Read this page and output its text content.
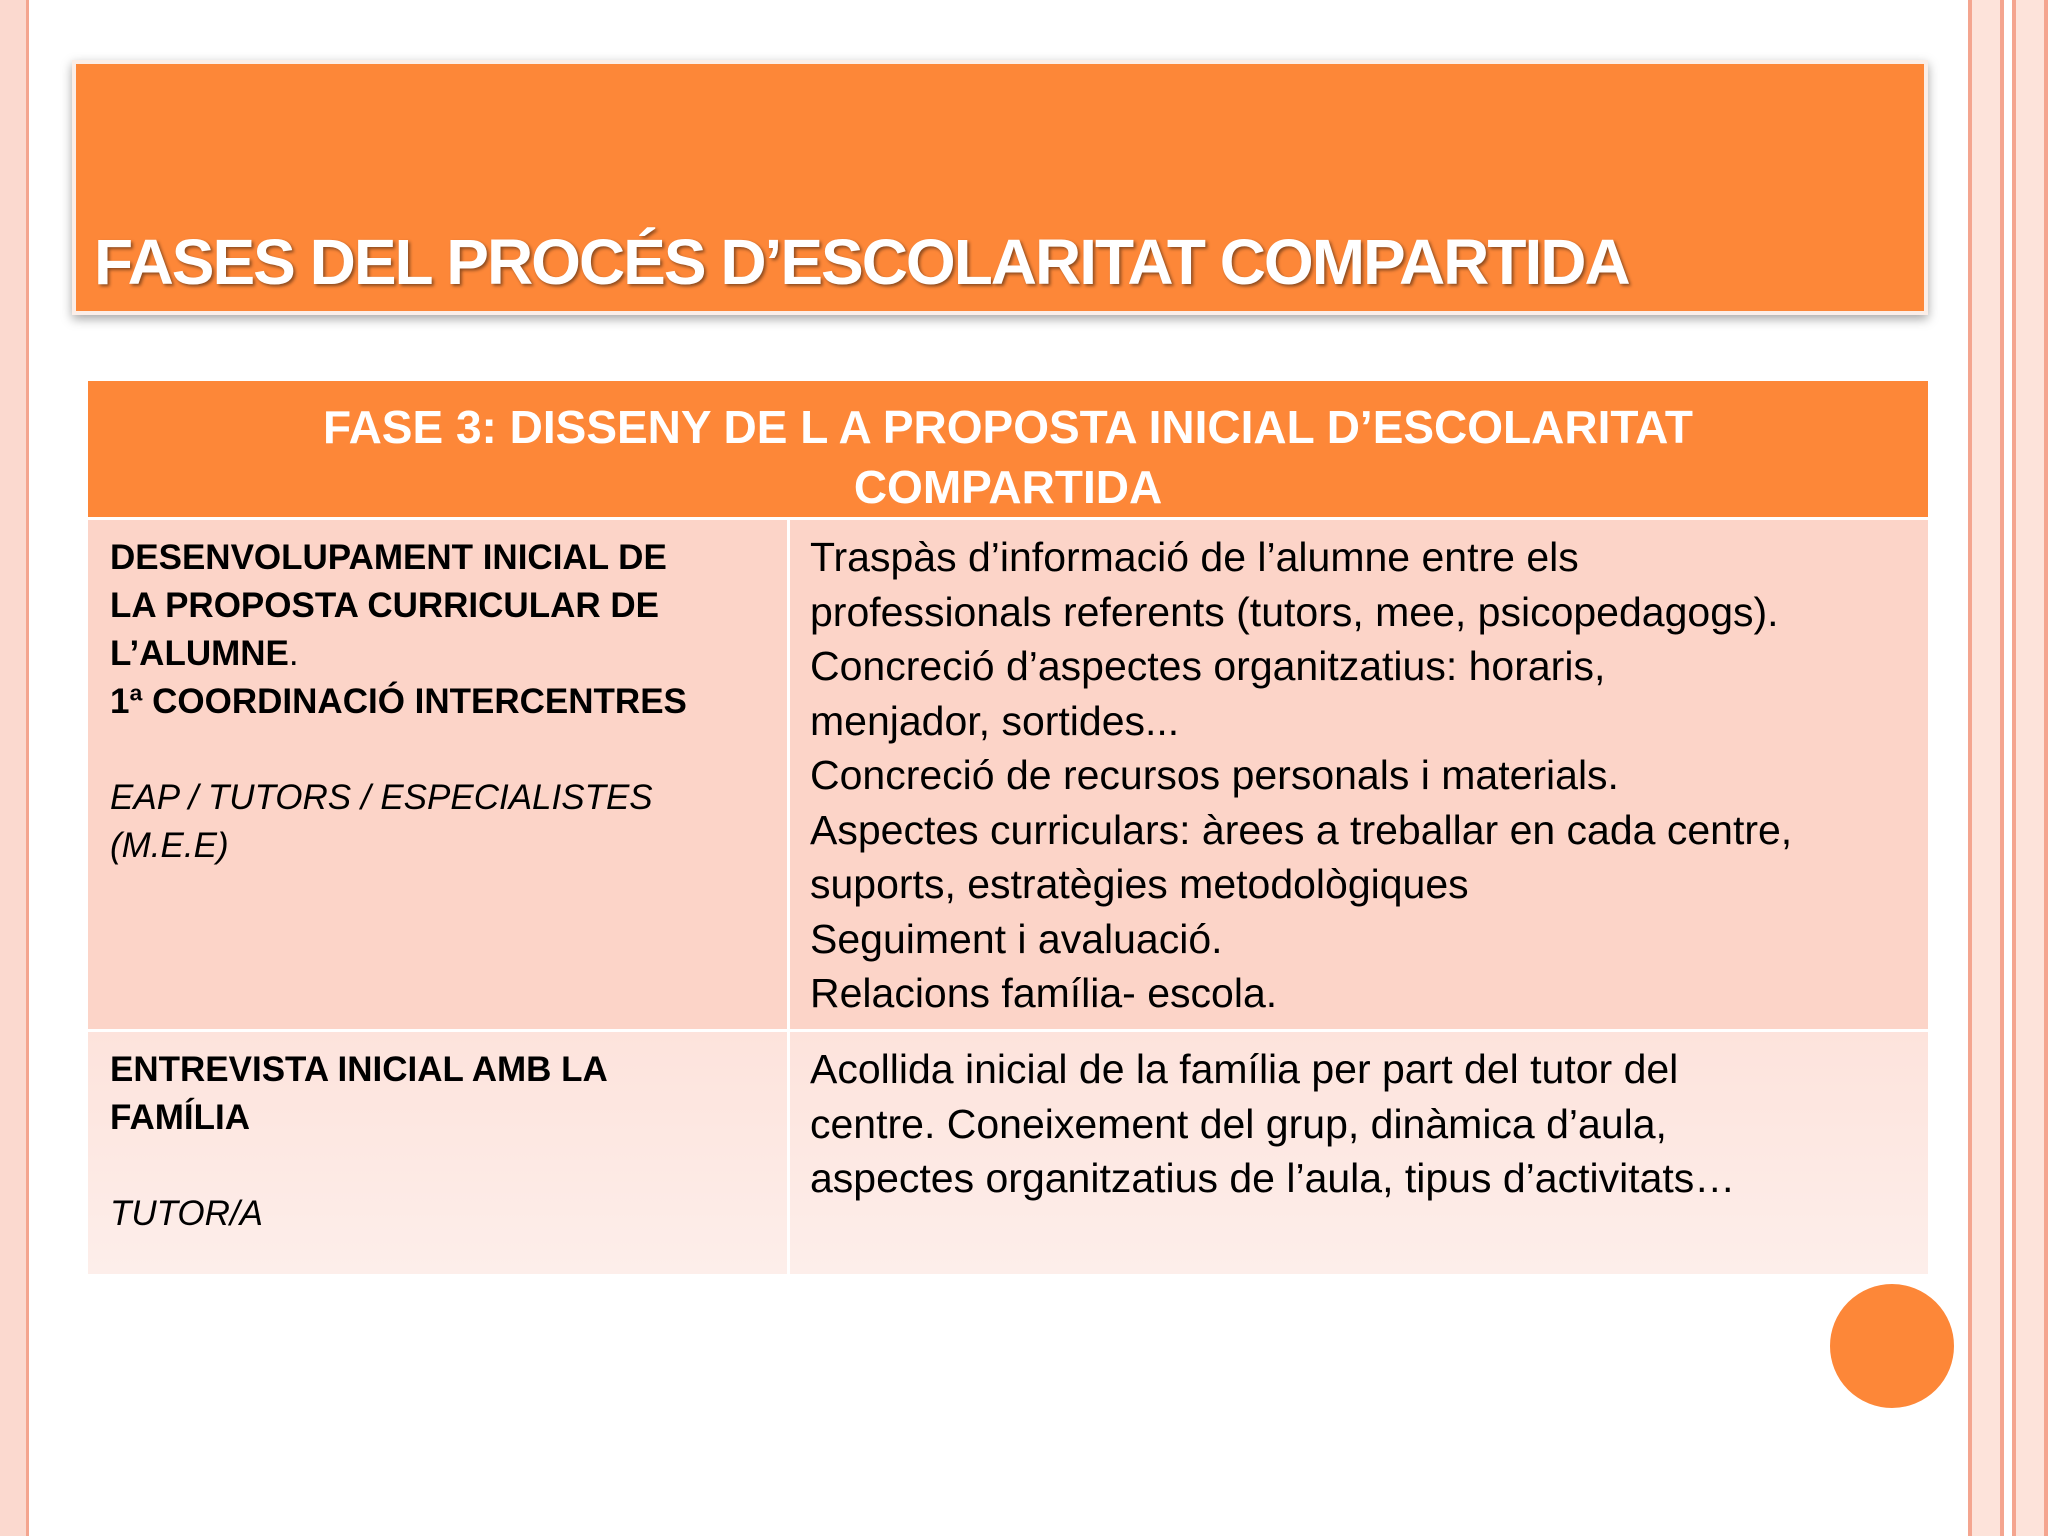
FASES DEL PROCÉS D’ESCOLARITAT COMPARTIDA
FASE 3: DISSENY DE L A PROPOSTA INICIAL D’ESCOLARITAT
COMPARTIDA
DESENVOLUPAMENT INICIAL DE
LA PROPOSTA CURRICULAR DE
L’ALUMNE.
1ª COORDINACIÓ INTERCENTRES
EAP / TUTORS / ESPECIALISTES
(M.E.E)
Traspàs d’informació de l’alumne entre els
professionals referents (tutors, mee, psicopedagogs).
Concreció d’aspectes organitzatius: horaris,
menjador, sortides...
Concreció de recursos personals i materials.
Aspectes curriculars: àrees a treballar en cada centre,
suports, estratègies metodològiques
Seguiment i avaluació.
Relacions família- escola.
ENTREVISTA INICIAL AMB LA
FAMÍLIA
TUTOR/A
Acollida inicial de la família per part del tutor del
centre. Coneixement del grup, dinàmica d’aula,
aspectes organitzatius de l’aula, tipus d’activitats…
